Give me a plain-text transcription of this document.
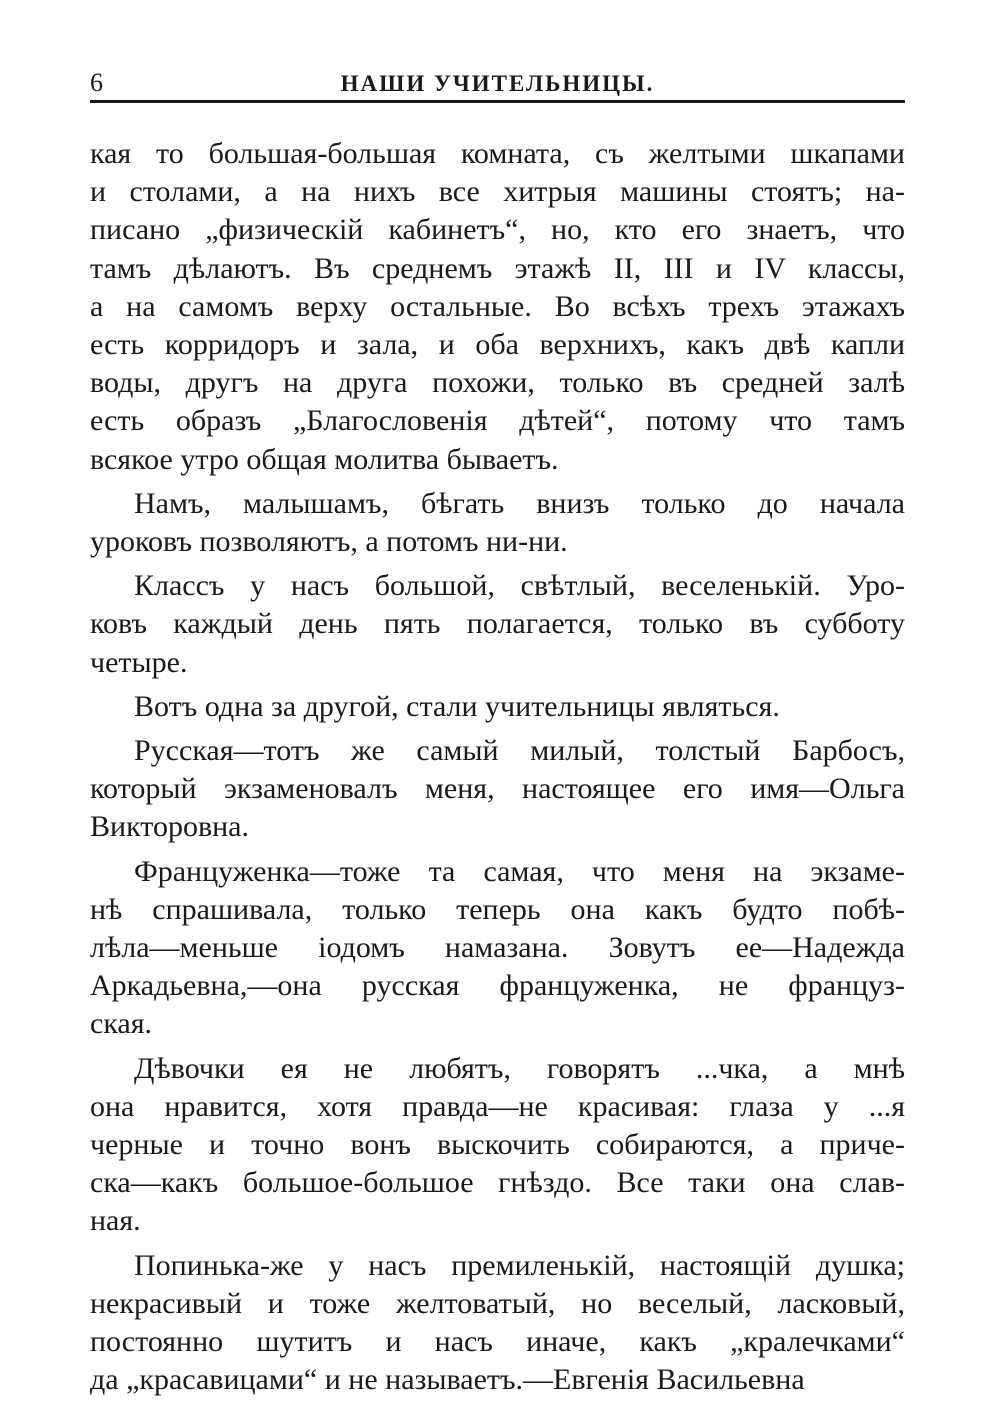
6	НАШИ УЧИТЕЛЬНИЦЫ.
кая то большая-большая комната, съ желтыми шкапами
и столами, а на нихъ все хитрыя машины стоятъ; на-
писано „физическій кабинетъ“, но, кто его знаетъ, что
тамъ дѣлаютъ. Въ среднемъ этажѣ II, III и IV классы,
а на самомъ верху остальные. Во всѣхъ трехъ этажахъ
есть корридоръ и зала, и оба верхнихъ, какъ двѣ капли
воды, другъ на друга похожи, только въ средней залѣ
есть образъ „Благословенія дѣтей“, потому что тамъ
всякое утро общая молитва бываетъ.
Намъ, малышамъ, бѣгать внизъ только до начала
уроковъ позволяютъ, а потомъ ни-ни.
Классъ у насъ большой, свѣтлый, веселенькій. Уро-
ковъ каждый день пять полагается, только въ субботу
четыре.
Вотъ одна за другой, стали учительницы являться.
Русская—тотъ же самый милый, толстый Барбосъ,
который экзаменовалъ меня, настоящее его имя—Ольга
Викторовна.
Француженка—тоже та самая, что меня на экзаме-
нѣ спрашивала, только теперь она какъ будто побѣ-
лѣла—меньше іодомъ намазана. Зовутъ ее—Надежда
Аркадьевна,—она русская француженка, не француз-
ская.
Дѣвочки ея не любятъ, говорятъ ...чка, а мнѣ
она нравится, хотя правда—не красивая: глаза у ...я
черные и точно вонъ выскочить собираются, а приче-
ска—какъ большое-большое гнѣздо. Все таки она слав-
ная.
Попинька-же у насъ премиленькій, настоящій душка;
некрасивый и тоже желтоватый, но веселый, ласковый,
постоянно шутитъ и насъ иначе, какъ „кралечками“
да „красавицами“ и не называетъ.—Евгенія Васильевна
